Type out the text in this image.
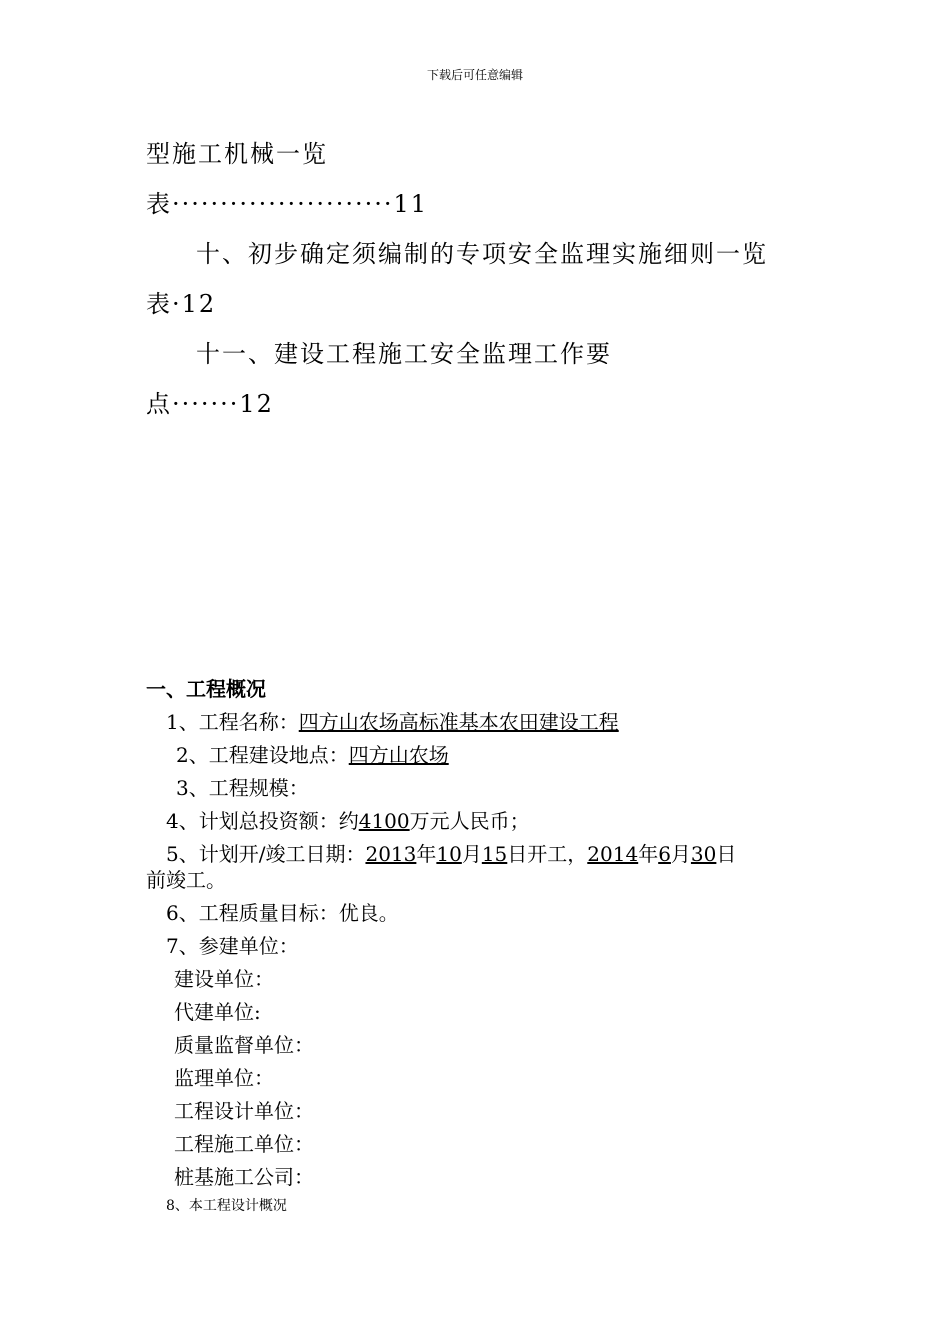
下载后可任意编辑
型施工机械一览
表·······················11
十、初步确定须编制的专项安全监理实施细则一览
表·12
十一、建设工程施工安全监理工作要
点·······12
一、工程概况
1、工程名称：四方山农场高标准基本农田建设工程
2、工程建设地点：四方山农场
3、工程规模：
4、计划总投资额：约4100万元人民币；
5、计划开/竣工日期：2013年10月15日开工，2014年6月30日
前竣工。
6、工程质量目标：优良。
7、参建单位：
建设单位：
代建单位:
质量监督单位：
监理单位：
工程设计单位：
工程施工单位：
桩基施工公司：
8、本工程设计概况
